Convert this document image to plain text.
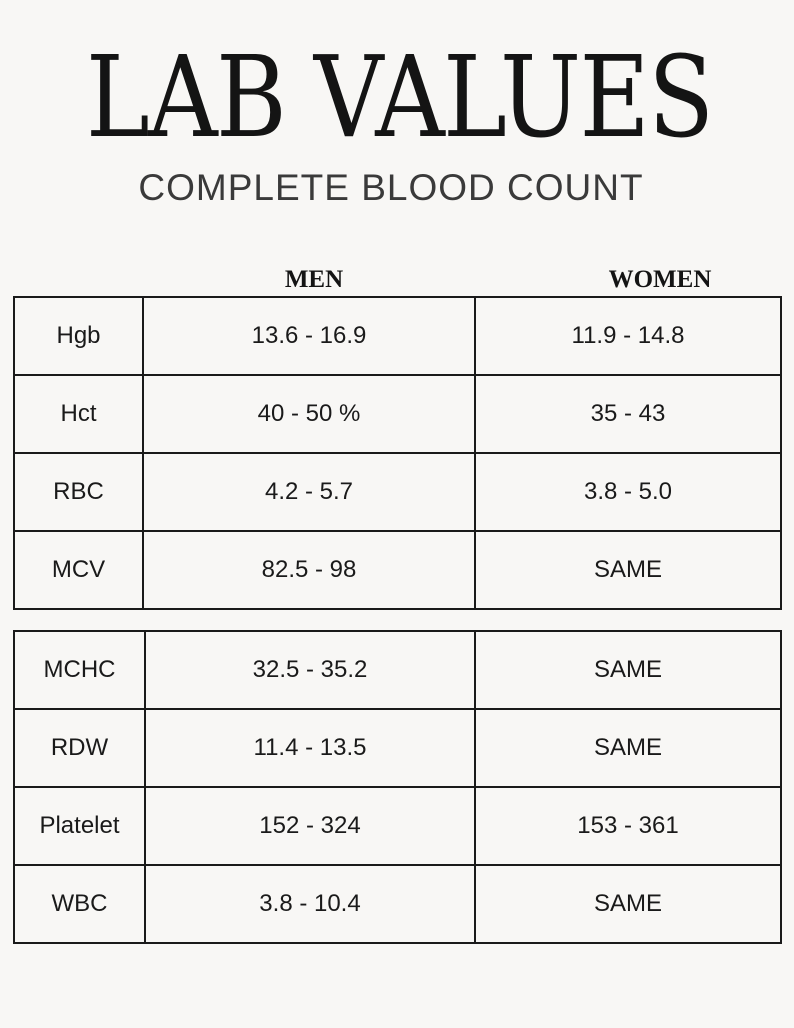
LAB VALUES
COMPLETE BLOOD COUNT
MEN	WOMEN
Hgb	13.6 - 16.9	11.9 - 14.8
Hct	40 - 50 %	35 - 43
RBC	4.2 - 5.7	3.8 - 5.0
MCV	82.5 - 98	SAME
MCHC	32.5 - 35.2	SAME
RDW	11.4 - 13.5	SAME
Platelet	152 - 324	153 - 361
WBC	3.8 - 10.4	SAME
